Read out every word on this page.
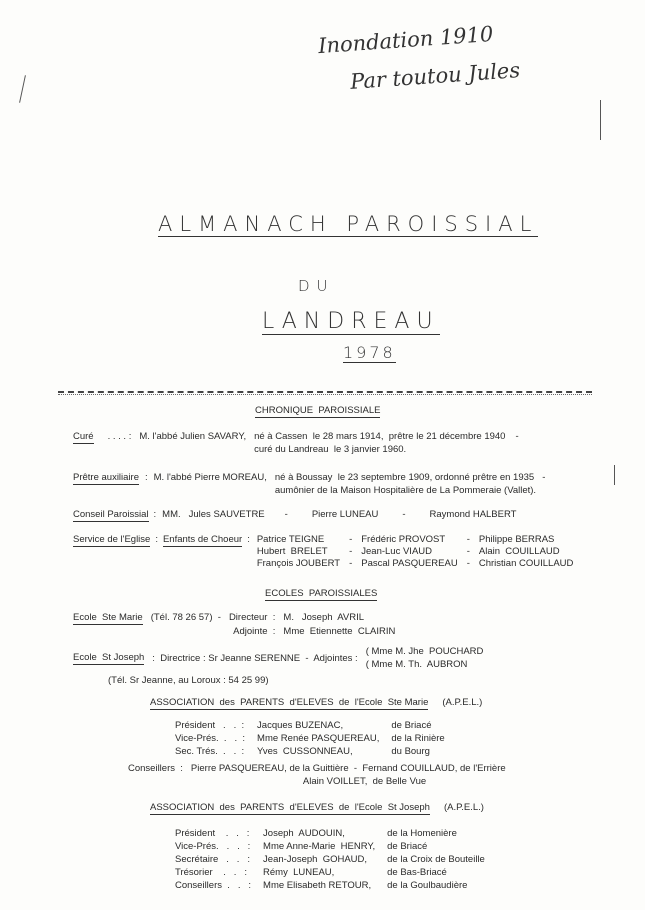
Inondation 1910
Par toutou Jules
ALMANACH PAROISSIAL
DU
LANDREAU
1978
CHRONIQUE  PAROISSIALE
Curé . . . . : M. l'abbé Julien SAVARY, né à Cassen  le 28 mars 1914,  prêtre le 21 décembre 1940 -
curé du Landreau  le 3 janvier 1960.
Prêtre auxiliaire : M. l'abbé Pierre MOREAU, né à Boussay  le 23 septembre 1909, ordonné prêtre en 1935 -
aumônier de la Maison Hospitalière de La Pommeraie (Vallet).
Conseil Paroissial : MM. Jules SAUVETRE -	Pierre LUNEAU	-	Raymond HALBERT
Service de l'Eglise : Enfants de Choeur : Patrice TEIGNE	- Frédéric PROVOST	- Philippe BERRAS
Hubert  BRELET	- Jean-Luc VIAUD	- Alain  COUILLAUD
François JOUBERT - Pascal PASQUEREAU - Christian COUILLAUD
ECOLES  PAROISSIALES
Ecole  Ste Marie (Tél. 78 26 57)  - Directeur  : M.   Joseph  AVRIL
Adjointe  : Mme  Etiennette  CLAIRIN
Ecole  St Joseph :  Directrice : Sr Jeanne SERENNE  -  Adjointes :
( Mme M. Jhe  POUCHARD
( Mme M. Th.  AUBRON
(Tél. Sr Jeanne, au Loroux : 54 25 99)
ASSOCIATION  des  PARENTS  d'ELEVES  de  l'Ecole  Ste Marie (A.P.E.L.)
Président   .   .  : Jacques BUZENAC,	de Briacé
Vice-Prés.  .   .  : Mme Renée PASQUEREAU, de la Rinière
Sec. Trés.  .   .  : Yves  CUSSONNEAU,	du Bourg
Conseillers  : Pierre PASQUEREAU, de la Guittière  -  Fernand COUILLAUD, de l'Errière
Alain VOILLET,  de Belle Vue
ASSOCIATION  des  PARENTS  d'ELEVES  de  l'Ecole  St Joseph (A.P.E.L.)
Président    .   .   : Joseph  AUDOUIN,	de la Homenière
Vice-Prés.   .   .   : Mme Anne-Marie  HENRY, de Briacé
Secrétaire   .   .   : Jean-Joseph  GOHAUD,	de la Croix de Bouteille
Trésorier    .   .   :	Rémy  LUNEAU,	de Bas-Briacé
Conseillers  .   .   : Mme Elisabeth RETOUR,	de la Goulbaudière
